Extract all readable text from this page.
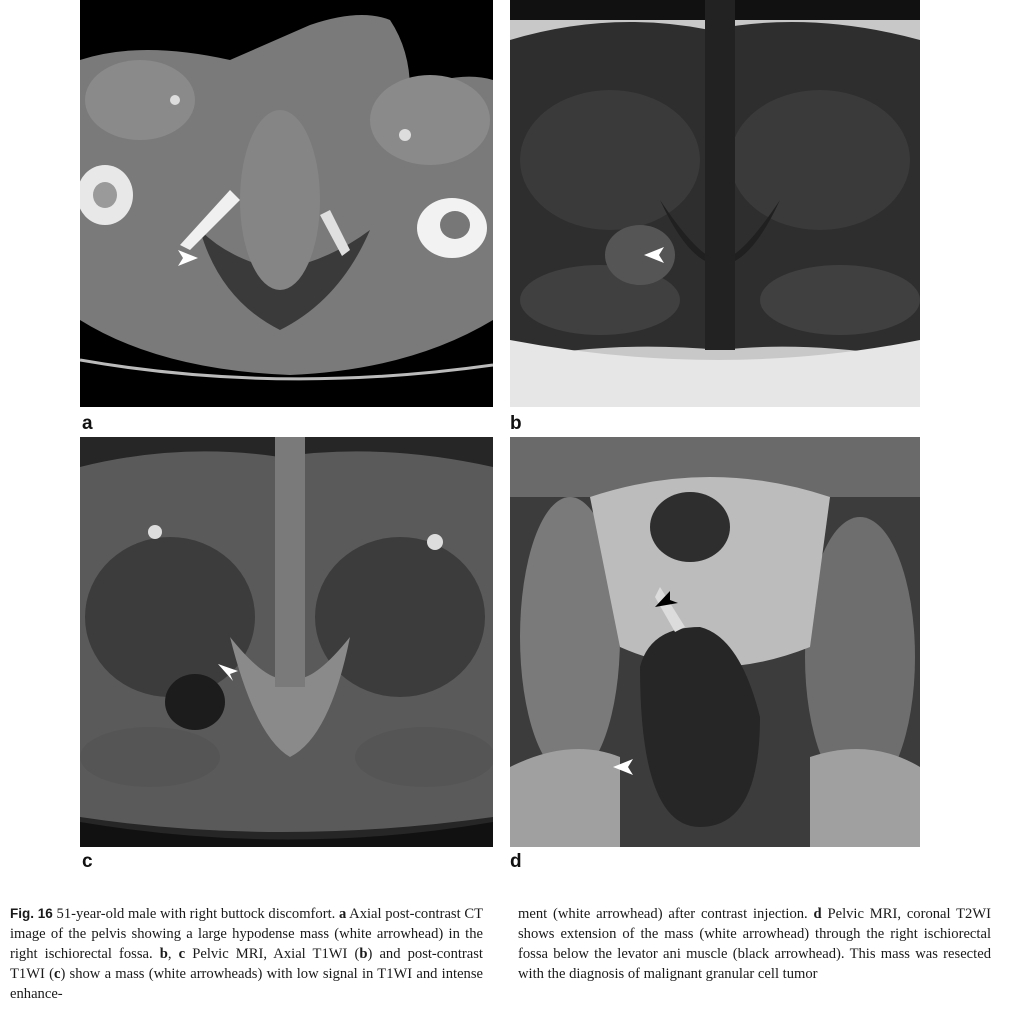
a	b
c	d
Fig. 16 51-year-old male with right buttock discomfort. a Axial post-contrast CT image of the pelvis showing a large hypodense mass (white arrowhead) in the right ischiorectal fossa. b, c Pelvic MRI, Axial T1WI (b) and post-contrast T1WI (c) show a mass (white arrowheads) with low signal in T1WI and intense enhance-
ment (white arrowhead) after contrast injection. d Pelvic MRI, coronal T2WI shows extension of the mass (white arrowhead) through the right ischiorectal fossa below the levator ani muscle (black arrowhead). This mass was resected with the diagnosis of malignant granular cell tumor
